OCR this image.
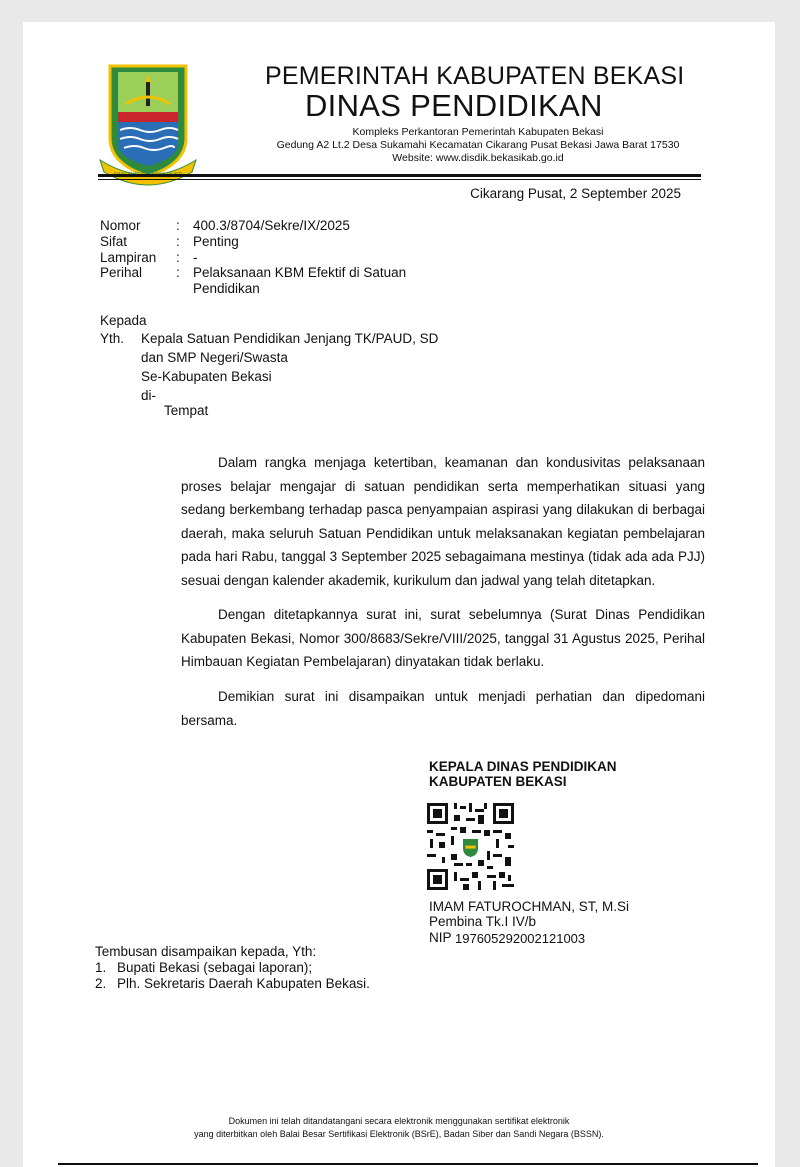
PEMERINTAH KABUPATEN BEKASI
DINAS PENDIDIKAN
Kompleks Perkantoran Pemerintah Kabupaten Bekasi
Gedung A2 Lt.2 Desa Sukamahi Kecamatan Cikarang Pusat Bekasi Jawa Barat 17530
Website: www.disdik.bekasikab.go.id
Cikarang Pusat, 2 September 2025
Nomor	: 400.3/8704/Sekre/IX/2025
Sifat	: Penting
Lampiran : -
Perihal	: Pelaksanaan KBM Efektif di Satuan
Pendidikan
Kepada
Yth. Kepala Satuan Pendidikan Jenjang TK/PAUD, SD
dan SMP Negeri/Swasta
Se-Kabupaten Bekasi
di-
Tempat

Dalam rangka menjaga ketertiban, keamanan dan kondusivitas pelaksanaan proses belajar mengajar di satuan pendidikan serta memperhatikan situasi yang sedang berkembang terhadap pasca penyampaian aspirasi yang dilakukan di berbagai daerah, maka seluruh Satuan Pendidikan untuk melaksanakan kegiatan pembelajaran pada hari Rabu, tanggal 3 September 2025 sebagaimana mestinya (tidak ada ada PJJ) sesuai dengan kalender akademik, kurikulum dan jadwal yang telah ditetapkan.

Dengan ditetapkannya surat ini, surat sebelumnya (Surat Dinas Pendidikan Kabupaten Bekasi, Nomor 300/8683/Sekre/VIII/2025, tanggal 31 Agustus 2025, Perihal Himbauan Kegiatan Pembelajaran) dinyatakan tidak berlaku.

Demikian surat ini disampaikan untuk menjadi perhatian dan dipedomani bersama.

KEPALA DINAS PENDIDIKAN
KABUPATEN BEKASI
IMAM FATUROCHMAN, ST, M.Si
Pembina Tk.I IV/b
NIP 197605292002121003
Tembusan disampaikan kepada, Yth:
1. Bupati Bekasi (sebagai laporan);
2. Plh. Sekretaris Daerah Kabupaten Bekasi.
Dokumen ini telah ditandatangani secara elektronik menggunakan sertifikat elektronik
yang diterbitkan oleh Balai Besar Sertifikasi Elektronik (BSrE), Badan Siber dan Sandi Negara (BSSN).
